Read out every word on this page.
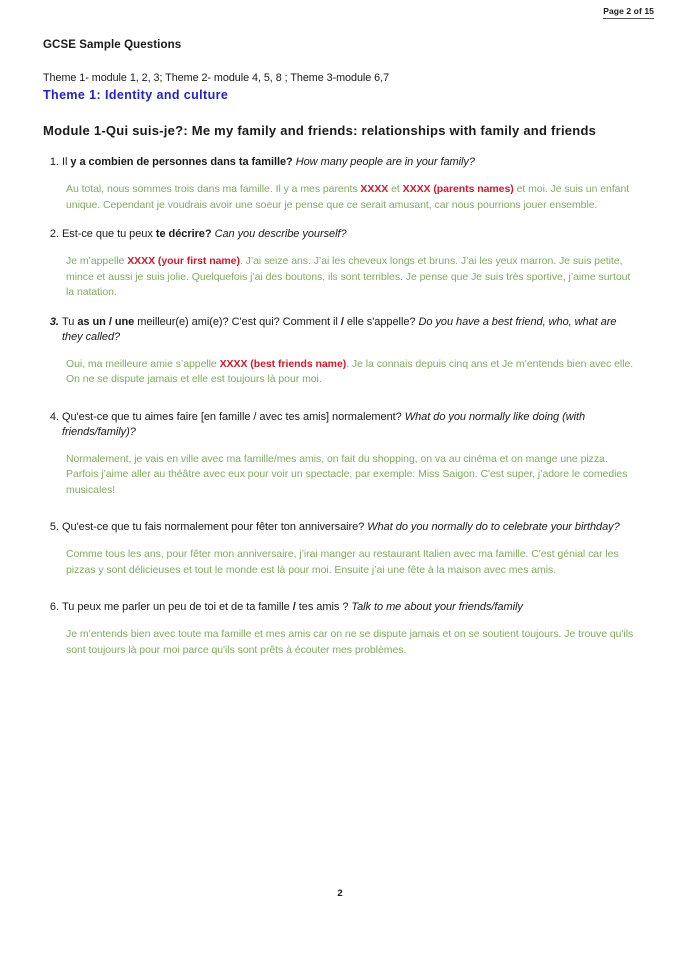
Page 2 of 15
GCSE Sample Questions
Theme 1- module 1, 2, 3; Theme 2- module 4, 5, 8 ; Theme 3-module 6,7
Theme 1: Identity and culture
Module 1-Qui suis-je?: Me my family and friends: relationships with family and friends
1. Il y a combien de personnes dans ta famille? How many people are in your family?

Au total, nous sommes trois dans ma famille. Il y a mes parents XXXX et XXXX (parents names) et moi. Je suis un enfant unique. Cependant je voudrais avoir une soeur je pense que ce serait amusant, car nous pourrions jouer ensemble.

2. Est-ce que tu peux te décrire? Can you describe yourself?

Je m’appelle XXXX (your first name). J’ai seize ans. J’ai les cheveux longs et bruns. J’ai les yeux marron. Je suis petite, mince et aussi je suis jolie. Quelquefois j’ai des boutons, ils sont terribles. Je pense que Je suis très sportive, j’aime surtout la natation.

3. Tu as un / une meilleur(e) ami(e)? C'est qui? Comment il / elle s'appelle? Do you have a best friend, who, what are they called?

Oui, ma meilleure amie s’appelle XXXX (best friends name). Je la connais depuis cinq ans et Je m’entends bien avec elle. On ne se dispute jamais et elle est toujours là pour moi.

4. Qu'est-ce que tu aimes faire [en famille / avec tes amis] normalement? What do you normally like doing (with friends/family)?

Normalement, je vais en ville avec ma famille/mes amis, on fait du shopping, on va au cinéma et on mange une pizza. Parfois j’aime aller au théâtre avec eux pour voir un spectacle, par exemple: Miss Saigon. C'est super, j’adore le comedies musicales!

5. Qu'est-ce que tu fais normalement pour fêter ton anniversaire? What do you normally do to celebrate your birthday?

Comme tous les ans, pour fêter mon anniversaire, j’irai manger au restaurant Italien avec ma famille. C'est génial car les pizzas y sont délicieuses et tout le monde est là pour moi. Ensuite j’ai une fête à la maison avec mes amis.

6. Tu peux me parler un peu de toi et de ta famille / tes amis ? Talk to me about your friends/family

Je m’entends bien avec toute ma famille et mes amis car on ne se dispute jamais et on se soutient toujours. Je trouve qu'ils sont toujours là pour moi parce qu'ils sont prêts à écouter mes problèmes.

2
